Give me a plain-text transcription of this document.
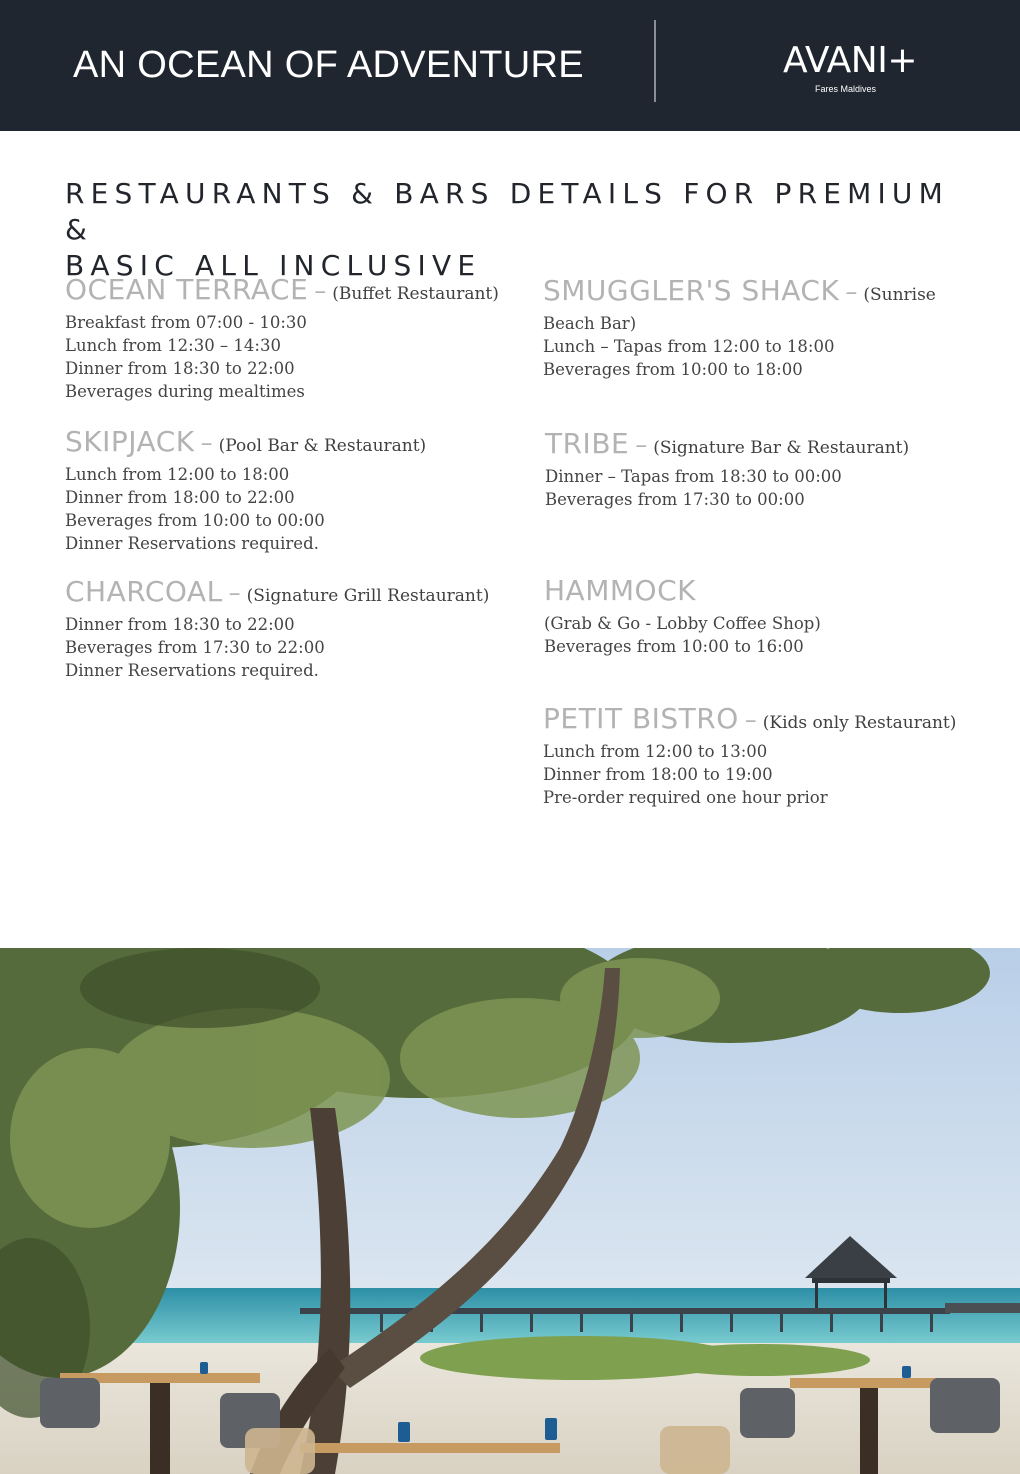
AN OCEAN OF ADVENTURE	AVANI+
Fares Maldives
RESTAURANTS & BARS DETAILS FOR PREMIUM &
BASIC ALL INCLUSIVE
OCEAN TERRACE – (Buffet Restaurant)
Breakfast from 07:00 - 10:30
Lunch from 12:30 – 14:30
Dinner from 18:30 to 22:00
Beverages during mealtimes
SKIPJACK – (Pool Bar & Restaurant)
Lunch from 12:00 to 18:00
Dinner from 18:00 to 22:00
Beverages from 10:00 to 00:00
Dinner Reservations required.
CHARCOAL – (Signature Grill Restaurant)
Dinner from 18:30 to 22:00
Beverages from 17:30 to 22:00
Dinner Reservations required.
SMUGGLER'S SHACK – (Sunrise
Beach Bar)
Lunch – Tapas from 12:00 to 18:00
Beverages from 10:00 to 18:00
TRIBE – (Signature Bar & Restaurant)
Dinner – Tapas from 18:30 to 00:00
Beverages from 17:30 to 00:00
HAMMOCK
(Grab & Go - Lobby Coffee Shop)
Beverages from 10:00 to 16:00
PETIT BISTRO – (Kids only Restaurant)
Lunch from 12:00 to 13:00
Dinner from 18:00 to 19:00
Pre-order required one hour prior
